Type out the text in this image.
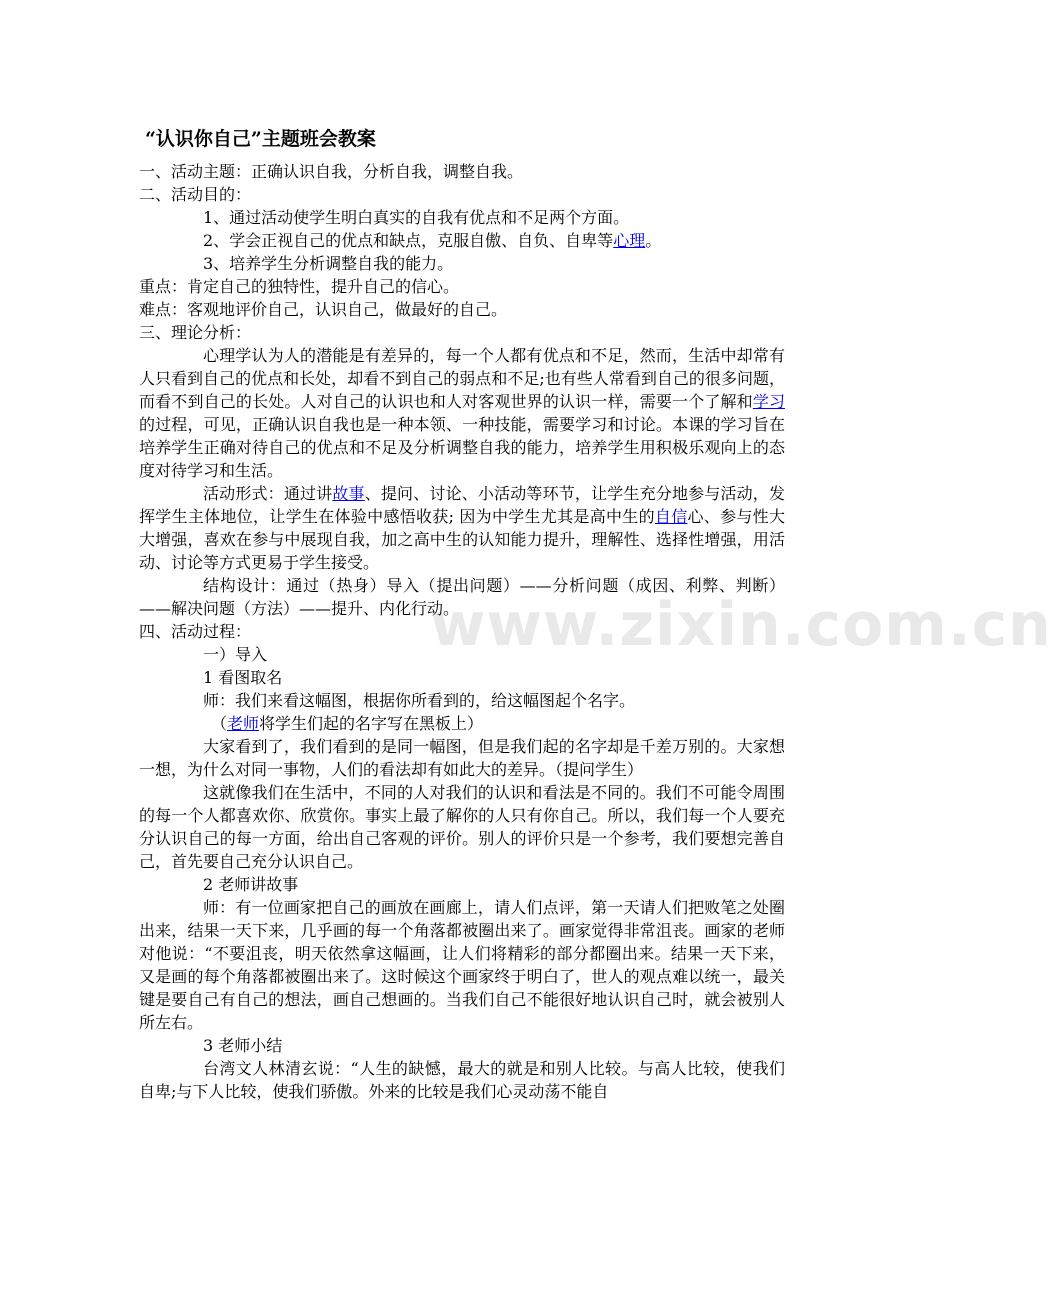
www.zixin.com.cn
“认识你自己”主题班会教案

一、活动主题：正确认识自我，分析自我，调整自我。

二、活动目的：

1、通过活动使学生明白真实的自我有优点和不足两个方面。

2、学会正视自己的优点和缺点，克服自傲、自负、自卑等心理。

3、培养学生分析调整自我的能力。

重点：肯定自己的独特性，提升自己的信心。

难点：客观地评价自己，认识自己，做最好的自己。

三、理论分析：

心理学认为人的潜能是有差异的，每一个人都有优点和不足，然而，生活中却常有人只看到自己的优点和长处，却看不到自己的弱点和不足;也有些人常看到自己的很多问题，而看不到自己的长处。人对自己的认识也和人对客观世界的认识一样，需要一个了解和学习的过程，可见，正确认识自我也是一种本领、一种技能，需要学习和讨论。本课的学习旨在培养学生正确对待自己的优点和不足及分析调整自我的能力，培养学生用积极乐观向上的态度对待学习和生活。

活动形式：通过讲故事、提问、讨论、小活动等环节，让学生充分地参与活动，发挥学生主体地位，让学生在体验中感悟收获; 因为中学生尤其是高中生的自信心、参与性大大增强，喜欢在参与中展现自我，加之高中生的认知能力提升，理解性、选择性增强，用活动、讨论等方式更易于学生接受。

结构设计：通过（热身）导入（提出问题）——分析问题（成因、利弊、判断）——解决问题（方法）——提升、内化行动。

四、活动过程：

一）导入

1 看图取名

师：我们来看这幅图，根据你所看到的，给这幅图起个名字。

（老师将学生们起的名字写在黑板上）

大家看到了，我们看到的是同一幅图，但是我们起的名字却是千差万别的。大家想一想，为什么对同一事物，人们的看法却有如此大的差异。（提问学生）

这就像我们在生活中，不同的人对我们的认识和看法是不同的。我们不可能令周围的每一个人都喜欢你、欣赏你。事实上最了解你的人只有你自己。所以，我们每一个人要充分认识自己的每一方面，给出自己客观的评价。别人的评价只是一个参考，我们要想完善自己，首先要自己充分认识自己。

2 老师讲故事

师：有一位画家把自己的画放在画廊上，请人们点评，第一天请人们把败笔之处圈出来，结果一天下来，几乎画的每一个角落都被圈出来了。画家觉得非常沮丧。画家的老师对他说：“不要沮丧，明天依然拿这幅画，让人们将精彩的部分都圈出来。结果一天下来，又是画的每个角落都被圈出来了。这时候这个画家终于明白了，世人的观点难以统一，最关键是要自己有自己的想法，画自己想画的。当我们自己不能很好地认识自己时，就会被别人所左右。

3 老师小结

台湾文人林清玄说：“人生的缺憾，最大的就是和别人比较。与高人比较，使我们自卑;与下人比较，使我们骄傲。外来的比较是我们心灵动荡不能自
